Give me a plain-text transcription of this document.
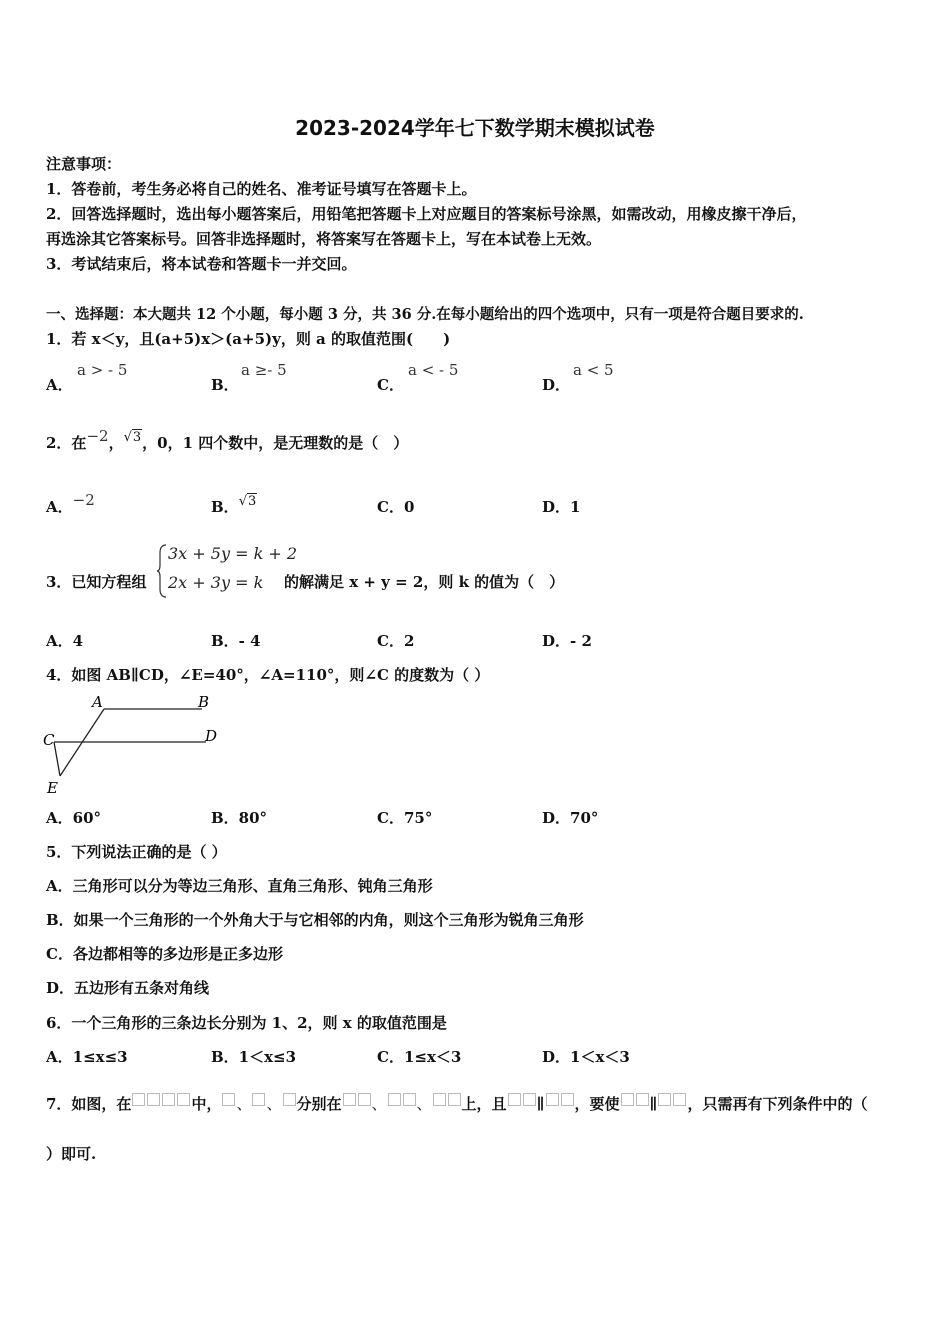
2023-2024学年七下数学期末模拟试卷
注意事项：
1．答卷前，考生务必将自己的姓名、准考证号填写在答题卡上。
2．回答选择题时，选出每小题答案后，用铅笔把答题卡上对应题目的答案标号涂黑，如需改动，用橡皮擦干净后，
再选涂其它答案标号。回答非选择题时，将答案写在答题卡上，写在本试卷上无效。
3．考试结束后，将本试卷和答题卡一并交回。
一、选择题：本大题共 12 个小题，每小题 3 分，共 36 分.在每小题给出的四个选项中，只有一项是符合题目要求的.
1．若 x＜y，且(a+5)x＞(a+5)y，则 a 的取值范围(　　)
A．
a > - 5
B．
a ≥- 5
C．
a < - 5
D．
a < 5
2．在−2，√3，0，1 四个数中，是无理数的是（　）
A．−2	B．√3	C．0	D．1
3．已知方程组
3x + 5y = k + 2
2x + 3y = k 的解满足 x + y = 2，则 k 的值为（　）
A．4	B．- 4	C．2	D．- 2
4．如图 AB∥CD，∠E=40°，∠A=110°，则∠C 的度数为（ ）
A	B
C	D
E
A．60°	B．80°	C．75°	D．70°
5．下列说法正确的是（ ）
A．三角形可以分为等边三角形、直角三角形、钝角三角形
B．如果一个三角形的一个外角大于与它相邻的内角，则这个三角形为锐角三角形
C．各边都相等的多边形是正多边形
D．五边形有五条对角线
6．一个三角形的三条边长分别为 1、2，则 x 的取值范围是
A．1≤x≤3	B．1＜x≤3	C．1≤x＜3	D．1＜x＜3
7．如图，在	中， 、 、 分别在 、 、 上，且 ∥ ，要使 ∥ ，只需再有下列条件中的（
）即可.
